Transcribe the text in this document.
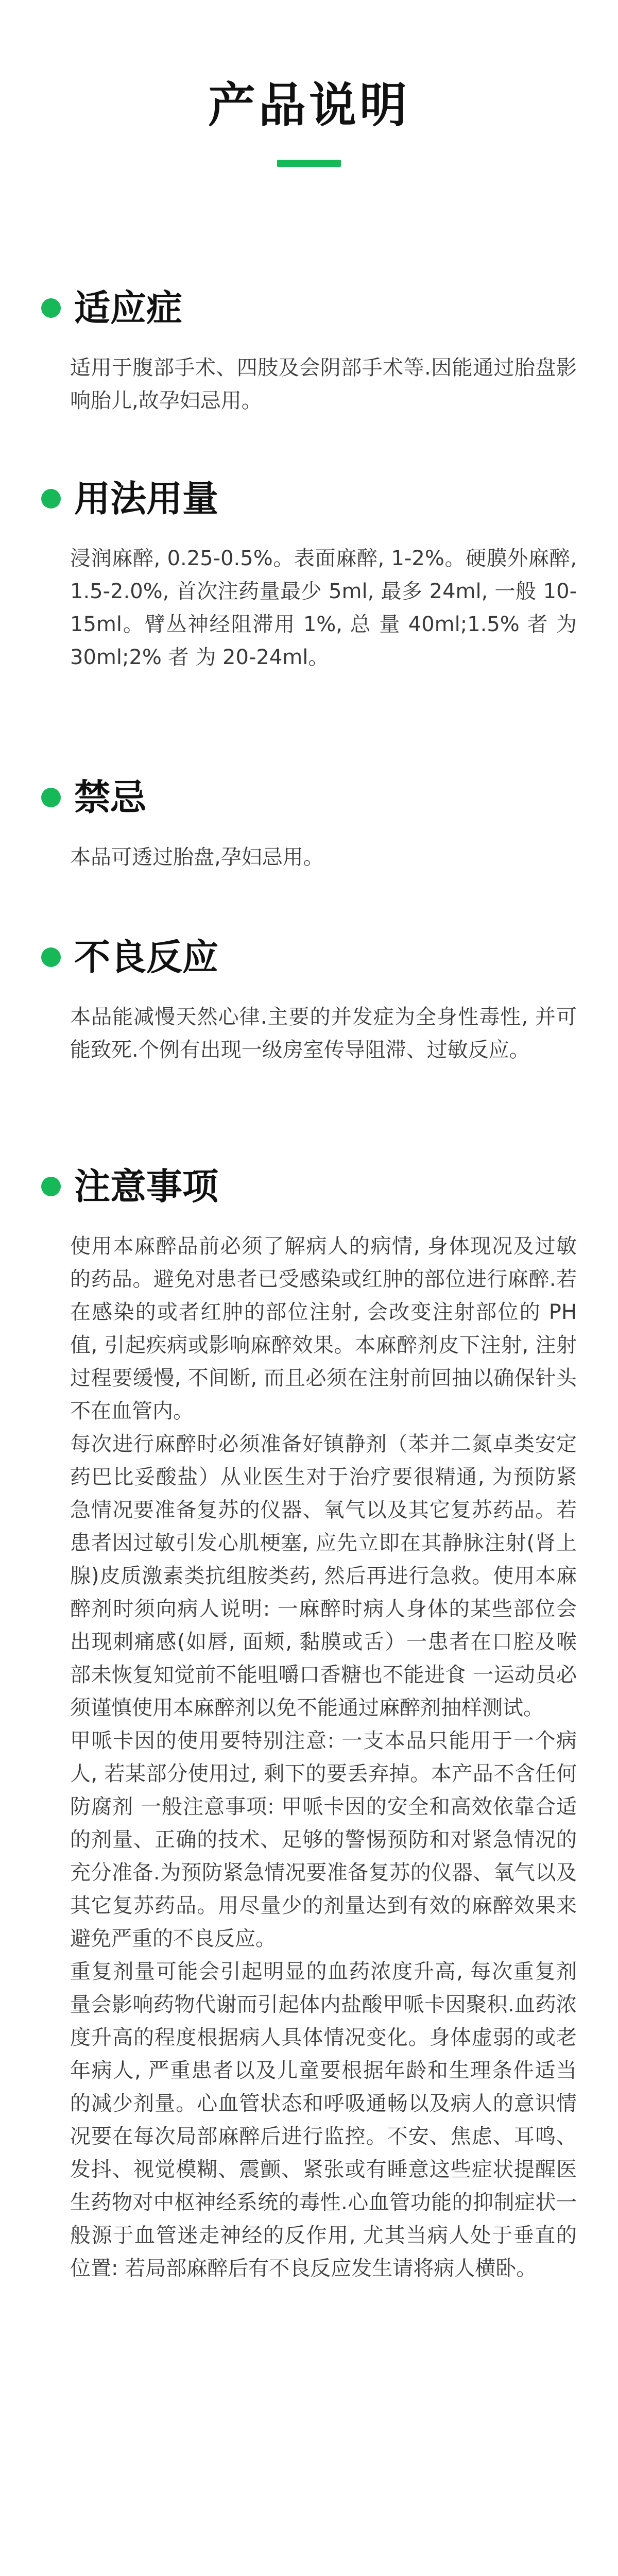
产品说明
适应症

适用于腹部手术、四肢及会阴部手术等.因能通过胎盘影响胎儿,故孕妇忌用。

用法用量

浸润麻醉, 0.25-0.5%。表面麻醉, 1-2%。硬膜外麻醉, 1.5-2.0%, 首次注药量最少 5ml, 最多 24ml, 一般 10-15ml。臂丛神经阻滞用 1%, 总 量 40ml;1.5% 者 为 30ml;2% 者 为 20-24ml。

禁忌

本品可透过胎盘,孕妇忌用。

不良反应

本品能减慢天然心律.主要的并发症为全身性毒性, 并可能致死.个例有出现一级房室传导阻滞、过敏反应。

注意事项

使用本麻醉品前必须了解病人的病情, 身体现况及过敏的药品。避免对患者已受感染或红肿的部位进行麻醉.若在感染的或者红肿的部位注射, 会改变注射部位的 PH 值, 引起疾病或影响麻醉效果。本麻醉剂皮下注射, 注射过程要缓慢, 不间断, 而且必须在注射前回抽以确保针头不在血管内。

每次进行麻醉时必须准备好镇静剂（苯并二氮卓类安定药巴比妥酸盐）从业医生对于治疗要很精通, 为预防紧急情况要准备复苏的仪器、氧气以及其它复苏药品。若患者因过敏引发心肌梗塞, 应先立即在其静脉注射(肾上腺)皮质激素类抗组胺类药, 然后再进行急救。使用本麻醉剂时须向病人说明: 一麻醉时病人身体的某些部位会出现刺痛感(如唇, 面颊, 黏膜或舌）一患者在口腔及喉部未恢复知觉前不能咀嚼口香糖也不能进食 一运动员必须谨慎使用本麻醉剂以免不能通过麻醉剂抽样测试。

甲哌卡因的使用要特别注意: 一支本品只能用于一个病人, 若某部分使用过, 剩下的要丢弃掉。本产品不含任何防腐剂 一般注意事项: 甲哌卡因的安全和高效依靠合适的剂量、正确的技术、足够的警惕预防和对紧急情况的充分准备.为预防紧急情况要准备复苏的仪器、氧气以及其它复苏药品。用尽量少的剂量达到有效的麻醉效果来避免严重的不良反应。

重复剂量可能会引起明显的血药浓度升高, 每次重复剂量会影响药物代谢而引起体内盐酸甲哌卡因聚积.血药浓度升高的程度根据病人具体情况变化。身体虚弱的或老年病人, 严重患者以及儿童要根据年龄和生理条件适当的减少剂量。心血管状态和呼吸通畅以及病人的意识情况要在每次局部麻醉后进行监控。不安、焦虑、耳鸣、发抖、视觉模糊、震颤、紧张或有睡意这些症状提醒医生药物对中枢神经系统的毒性.心血管功能的抑制症状一般源于血管迷走神经的反作用, 尤其当病人处于垂直的位置: 若局部麻醉后有不良反应发生请将病人横卧。
